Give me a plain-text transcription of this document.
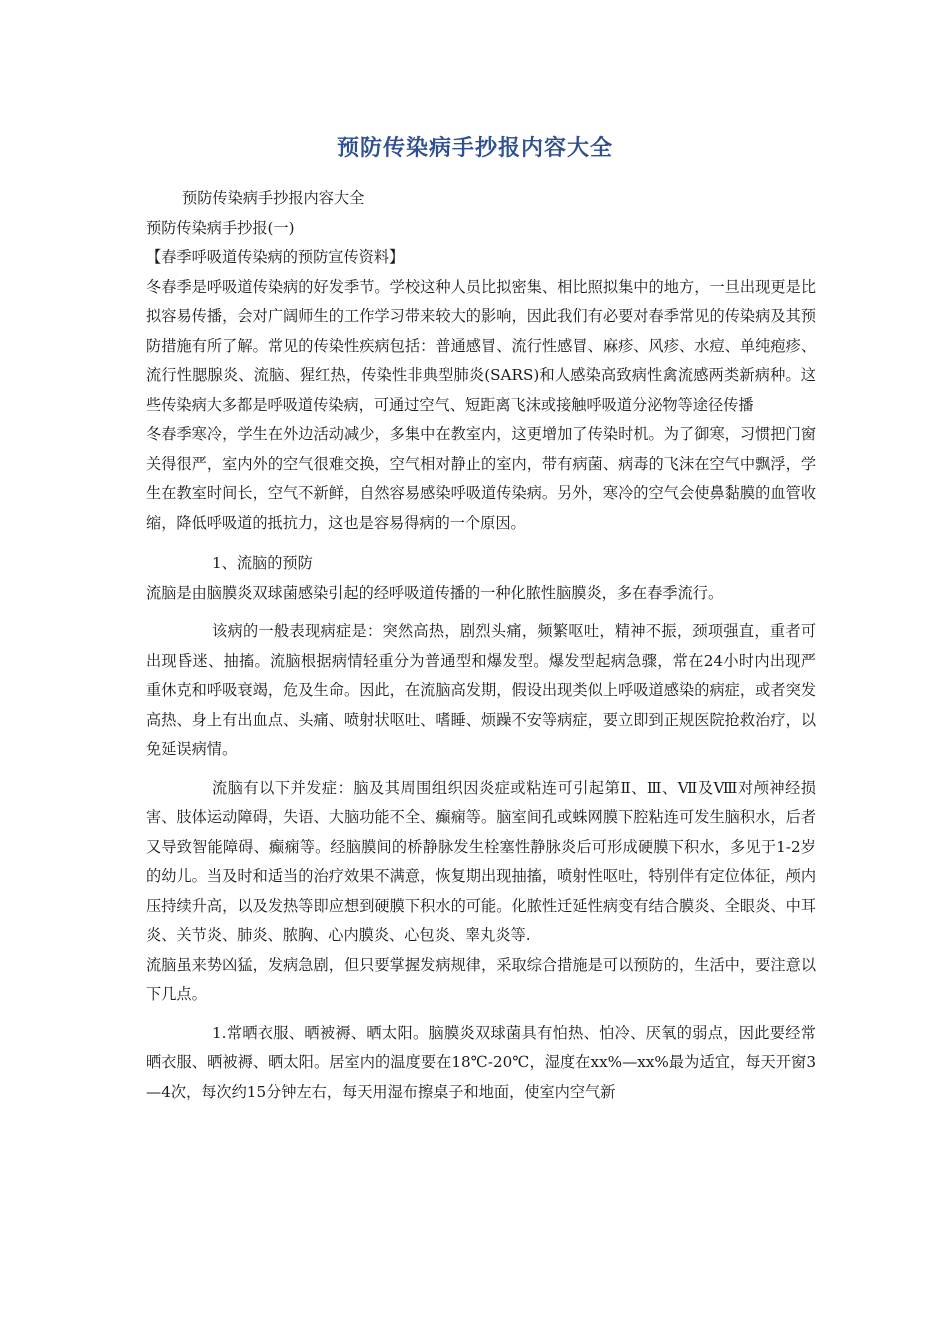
预防传染病手抄报内容大全

预防传染病手抄报内容大全

预防传染病手抄报(一)

【春季呼吸道传染病的预防宣传资料】

冬春季是呼吸道传染病的好发季节。学校这种人员比拟密集、相比照拟集中的地方，一旦出现更是比拟容易传播，会对广阔师生的工作学习带来较大的影响，因此我们有必要对春季常见的传染病及其预防措施有所了解。常见的传染性疾病包括：普通感冒、流行性感冒、麻疹、风疹、水痘、单纯疱疹、流行性腮腺炎、流脑、猩红热，传染性非典型肺炎(SARS)和人感染高致病性禽流感两类新病种。这些传染病大多都是呼吸道传染病，可通过空气、短距离飞沫或接触呼吸道分泌物等途径传播

冬春季寒冷，学生在外边活动减少，多集中在教室内，这更增加了传染时机。为了御寒，习惯把门窗关得很严，室内外的空气很难交换，空气相对静止的室内，带有病菌、病毒的飞沫在空气中飘浮，学生在教室时间长，空气不新鲜，自然容易感染呼吸道传染病。另外，寒冷的空气会使鼻黏膜的血管收缩，降低呼吸道的抵抗力，这也是容易得病的一个原因。

1、流脑的预防

流脑是由脑膜炎双球菌感染引起的经呼吸道传播的一种化脓性脑膜炎，多在春季流行。

该病的一般表现病症是：突然高热，剧烈头痛，频繁呕吐，精神不振，颈项强直，重者可出现昏迷、抽搐。流脑根据病情轻重分为普通型和爆发型。爆发型起病急骤，常在24小时内出现严重休克和呼吸衰竭，危及生命。因此，在流脑高发期，假设出现类似上呼吸道感染的病症，或者突发高热、身上有出血点、头痛、喷射状呕吐、嗜睡、烦躁不安等病症，要立即到正规医院抢救治疗，以免延误病情。

流脑有以下并发症：脑及其周围组织因炎症或粘连可引起第Ⅱ、Ⅲ、Ⅶ及Ⅷ对颅神经损害、肢体运动障碍，失语、大脑功能不全、癫痫等。脑室间孔或蛛网膜下腔粘连可发生脑积水，后者又导致智能障碍、癫痫等。经脑膜间的桥静脉发生栓塞性静脉炎后可形成硬膜下积水，多见于1-2岁的幼儿。当及时和适当的治疗效果不满意，恢复期出现抽搐，喷射性呕吐，特别伴有定位体征，颅内压持续升高，以及发热等即应想到硬膜下积水的可能。化脓性迁延性病变有结合膜炎、全眼炎、中耳炎、关节炎、肺炎、脓胸、心内膜炎、心包炎、睾丸炎等.

流脑虽来势凶猛，发病急剧，但只要掌握发病规律，采取综合措施是可以预防的，生活中，要注意以下几点。

1.常晒衣服、晒被褥、晒太阳。脑膜炎双球菌具有怕热、怕冷、厌氧的弱点，因此要经常晒衣服、晒被褥、晒太阳。居室内的温度要在18℃-20℃，湿度在xx%—xx%最为适宜，每天开窗3—4次，每次约15分钟左右，每天用湿布擦桌子和地面，使室内空气新
